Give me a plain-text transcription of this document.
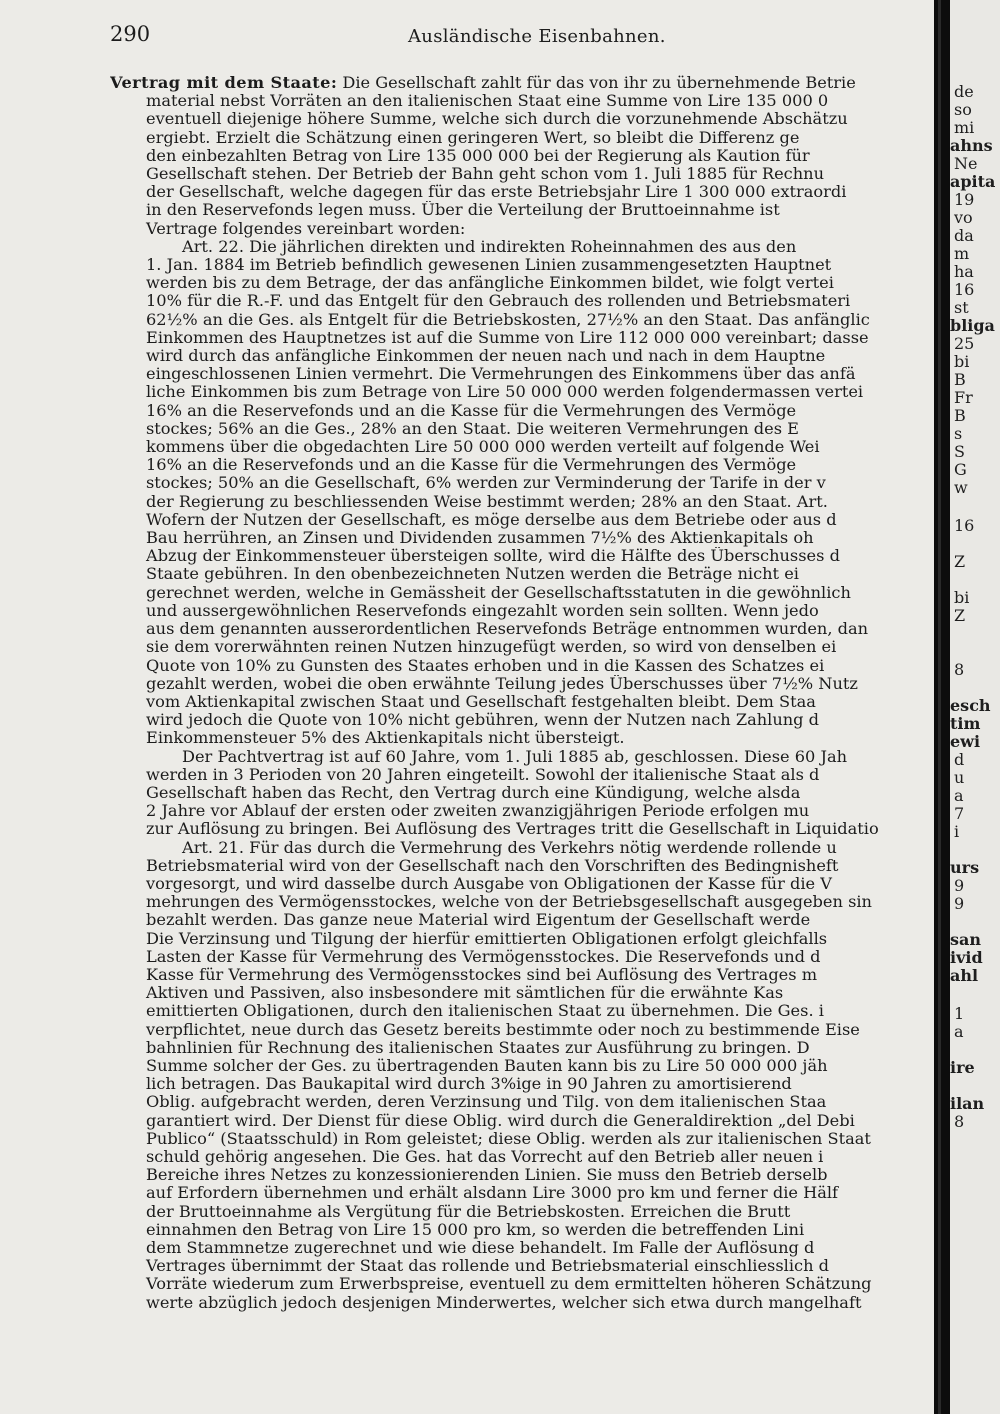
290	Ausländische Eisenbahnen.
Vertrag mit dem Staate: Die Gesellschaft zahlt für das von ihr zu übernehmende Betrie
material nebst Vorräten an den italienischen Staat eine Summe von Lire 135 000 0
eventuell diejenige höhere Summe, welche sich durch die vorzunehmende Abschätzu
ergiebt. Erzielt die Schätzung einen geringeren Wert, so bleibt die Differenz ge
den einbezahlten Betrag von Lire 135 000 000 bei der Regierung als Kaution für
Gesellschaft stehen. Der Betrieb der Bahn geht schon vom 1. Juli 1885 für Rechnu
der Gesellschaft, welche dagegen für das erste Betriebsjahr Lire 1 300 000 extraordi
in den Reservefonds legen muss. Über die Verteilung der Bruttoeinnahme ist
Vertrage folgendes vereinbart worden:
Art. 22. Die jährlichen direkten und indirekten Roheinnahmen des aus den
1. Jan. 1884 im Betrieb befindlich gewesenen Linien zusammengesetzten Hauptnet
werden bis zu dem Betrage, der das anfängliche Einkommen bildet, wie folgt vertei
10% für die R.-F. und das Entgelt für den Gebrauch des rollenden und Betriebsmateri
62½% an die Ges. als Entgelt für die Betriebskosten, 27½% an den Staat. Das anfänglic
Einkommen des Hauptnetzes ist auf die Summe von Lire 112 000 000 vereinbart; dasse
wird durch das anfängliche Einkommen der neuen nach und nach in dem Hauptne
eingeschlossenen Linien vermehrt. Die Vermehrungen des Einkommens über das anfä
liche Einkommen bis zum Betrage von Lire 50 000 000 werden folgendermassen vertei
16% an die Reservefonds und an die Kasse für die Vermehrungen des Vermöge
stockes; 56% an die Ges., 28% an den Staat. Die weiteren Vermehrungen des E
kommens über die obgedachten Lire 50 000 000 werden verteilt auf folgende Wei
16% an die Reservefonds und an die Kasse für die Vermehrungen des Vermöge
stockes; 50% an die Gesellschaft, 6% werden zur Verminderung der Tarife in der v
der Regierung zu beschliessenden Weise bestimmt werden; 28% an den Staat. Art.
Wofern der Nutzen der Gesellschaft, es möge derselbe aus dem Betriebe oder aus d
Bau herrühren, an Zinsen und Dividenden zusammen 7½% des Aktienkapitals oh
Abzug der Einkommensteuer übersteigen sollte, wird die Hälfte des Überschusses d
Staate gebühren. In den obenbezeichneten Nutzen werden die Beträge nicht ei
gerechnet werden, welche in Gemässheit der Gesellschaftsstatuten in die gewöhnlich
und aussergewöhnlichen Reservefonds eingezahlt worden sein sollten. Wenn jedo
aus dem genannten ausserordentlichen Reservefonds Beträge entnommen wurden, dan
sie dem vorerwähnten reinen Nutzen hinzugefügt werden, so wird von denselben ei
Quote von 10% zu Gunsten des Staates erhoben und in die Kassen des Schatzes ei
gezahlt werden, wobei die oben erwähnte Teilung jedes Überschusses über 7½% Nutz
vom Aktienkapital zwischen Staat und Gesellschaft festgehalten bleibt. Dem Staa
wird jedoch die Quote von 10% nicht gebühren, wenn der Nutzen nach Zahlung d
Einkommensteuer 5% des Aktienkapitals nicht übersteigt.
Der Pachtvertrag ist auf 60 Jahre, vom 1. Juli 1885 ab, geschlossen. Diese 60 Jah
werden in 3 Perioden von 20 Jahren eingeteilt. Sowohl der italienische Staat als d
Gesellschaft haben das Recht, den Vertrag durch eine Kündigung, welche alsda
2 Jahre vor Ablauf der ersten oder zweiten zwanzigjährigen Periode erfolgen mu
zur Auflösung zu bringen. Bei Auflösung des Vertrages tritt die Gesellschaft in Liquidatio
Art. 21. Für das durch die Vermehrung des Verkehrs nötig werdende rollende u
Betriebsmaterial wird von der Gesellschaft nach den Vorschriften des Bedingnisheft
vorgesorgt, und wird dasselbe durch Ausgabe von Obligationen der Kasse für die V
mehrungen des Vermögensstockes, welche von der Betriebsgesellschaft ausgegeben sin
bezahlt werden. Das ganze neue Material wird Eigentum der Gesellschaft werde
Die Verzinsung und Tilgung der hierfür emittierten Obligationen erfolgt gleichfalls
Lasten der Kasse für Vermehrung des Vermögensstockes. Die Reservefonds und d
Kasse für Vermehrung des Vermögensstockes sind bei Auflösung des Vertrages m
Aktiven und Passiven, also insbesondere mit sämtlichen für die erwähnte Kas
emittierten Obligationen, durch den italienischen Staat zu übernehmen. Die Ges. i
verpflichtet, neue durch das Gesetz bereits bestimmte oder noch zu bestimmende Eise
bahnlinien für Rechnung des italienischen Staates zur Ausführung zu bringen. D
Summe solcher der Ges. zu übertragenden Bauten kann bis zu Lire 50 000 000 jäh
lich betragen. Das Baukapital wird durch 3%ige in 90 Jahren zu amortisierend
Oblig. aufgebracht werden, deren Verzinsung und Tilg. von dem italienischen Staa
garantiert wird. Der Dienst für diese Oblig. wird durch die Generaldirektion „del Debi
Publico“ (Staatsschuld) in Rom geleistet; diese Oblig. werden als zur italienischen Staat
schuld gehörig angesehen. Die Ges. hat das Vorrecht auf den Betrieb aller neuen i
Bereiche ihres Netzes zu konzessionierenden Linien. Sie muss den Betrieb derselb
auf Erfordern übernehmen und erhält alsdann Lire 3000 pro km und ferner die Hälf
der Bruttoeinnahme als Vergütung für die Betriebskosten. Erreichen die Brutt
einnahmen den Betrag von Lire 15 000 pro km, so werden die betreffenden Lini
dem Stammnetze zugerechnet und wie diese behandelt. Im Falle der Auflösung d
Vertrages übernimmt der Staat das rollende und Betriebsmaterial einschliesslich d
Vorräte wiederum zum Erwerbspreise, eventuell zu dem ermittelten höheren Schätzung
werte abzüglich jedoch desjenigen Minderwertes, welcher sich etwa durch mangelhaft
de
so
mi
ahns
Ne
apita
19
vo
da
m
ha
16
st
bliga
25
bi
B
Fr
B
s
S
G
w
16
Z
bi
Z
8
esch
tim
ewi
d
u
a
7
i
urs
9
9
san
ivid
ahl
1
a
ire
ilan
8
